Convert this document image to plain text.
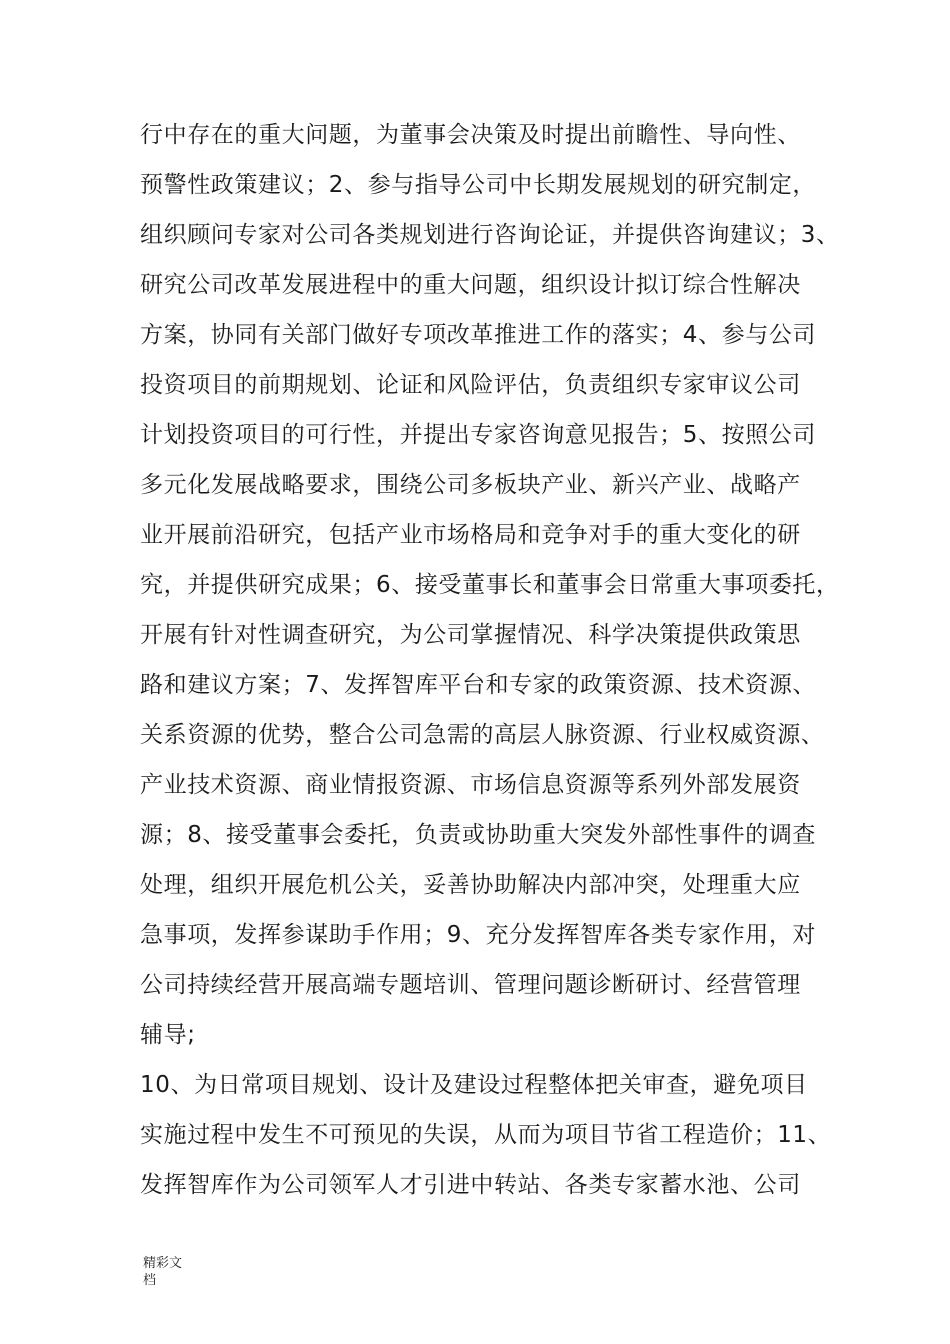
行中存在的重大问题，为董事会决策及时提出前瞻性、导向性、
预警性政策建议；2、参与指导公司中长期发展规划的研究制定，
组织顾问专家对公司各类规划进行咨询论证，并提供咨询建议；3、
研究公司改革发展进程中的重大问题，组织设计拟订综合性解决
方案，协同有关部门做好专项改革推进工作的落实；4、参与公司
投资项目的前期规划、论证和风险评估，负责组织专家审议公司
计划投资项目的可行性，并提出专家咨询意见报告；5、按照公司
多元化发展战略要求，围绕公司多板块产业、新兴产业、战略产
业开展前沿研究，包括产业市场格局和竞争对手的重大变化的研
究，并提供研究成果；6、接受董事长和董事会日常重大事项委托，
开展有针对性调查研究，为公司掌握情况、科学决策提供政策思
路和建议方案；7、发挥智库平台和专家的政策资源、技术资源、
关系资源的优势，整合公司急需的高层人脉资源、行业权威资源、
产业技术资源、商业情报资源、市场信息资源等系列外部发展资
源；8、接受董事会委托，负责或协助重大突发外部性事件的调查
处理，组织开展危机公关，妥善协助解决内部冲突，处理重大应
急事项，发挥参谋助手作用；9、充分发挥智库各类专家作用，对
公司持续经营开展高端专题培训、管理问题诊断研讨、经营管理
辅导;
10、为日常项目规划、设计及建设过程整体把关审查，避免项目
实施过程中发生不可预见的失误，从而为项目节省工程造价；11、
发挥智库作为公司领军人才引进中转站、各类专家蓄水池、公司
精彩文
档
